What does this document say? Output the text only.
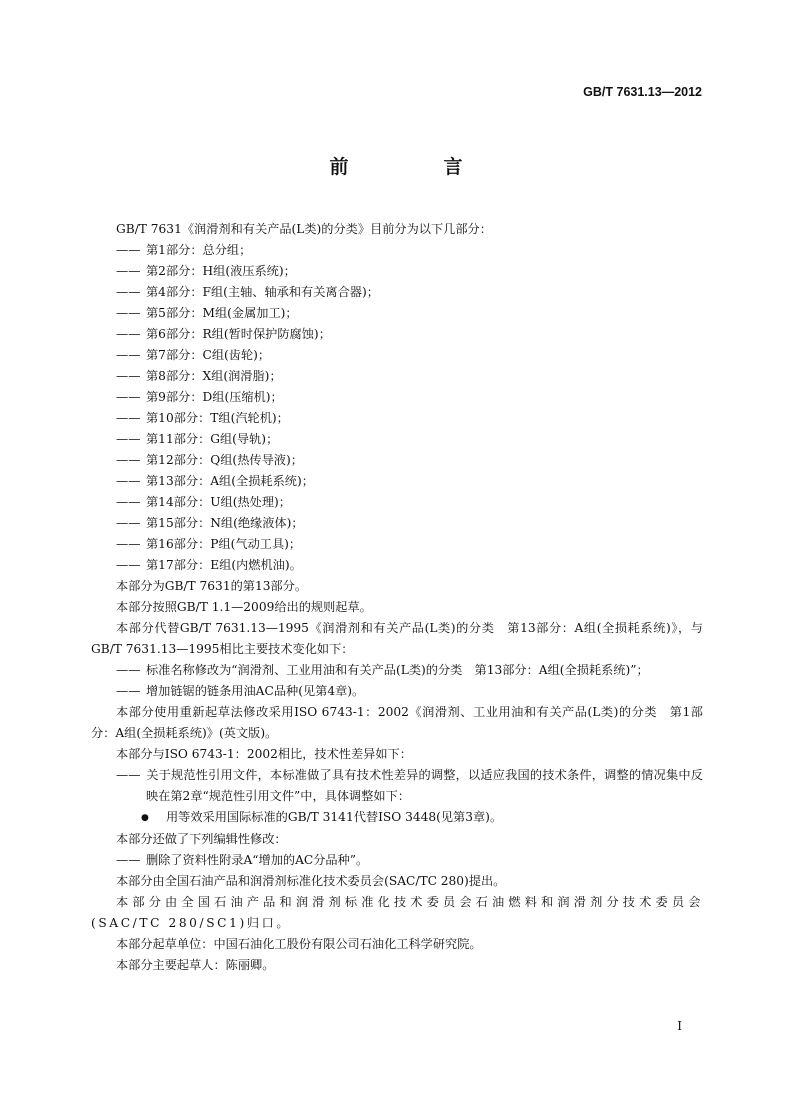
GB/T 7631.13—2012
前　言

GB/T 7631《润滑剂和有关产品(L类)的分类》目前分为以下几部分：

—— 第1部分：总分组；

—— 第2部分：H组(液压系统)；

—— 第4部分：F组(主轴、轴承和有关离合器)；

—— 第5部分：M组(金属加工)；

—— 第6部分：R组(暂时保护防腐蚀)；

—— 第7部分：C组(齿轮)；

—— 第8部分：X组(润滑脂)；

—— 第9部分：D组(压缩机)；

—— 第10部分：T组(汽轮机)；

—— 第11部分：G组(导轨)；

—— 第12部分：Q组(热传导液)；

—— 第13部分：A组(全损耗系统)；

—— 第14部分：U组(热处理)；

—— 第15部分：N组(绝缘液体)；

—— 第16部分：P组(气动工具)；

—— 第17部分：E组(内燃机油)。

本部分为GB/T 7631的第13部分。

本部分按照GB/T 1.1—2009给出的规则起草。

本部分代替GB/T 7631.13—1995《润滑剂和有关产品(L类)的分类　第13部分：A组(全损耗系统)》，与GB/T 7631.13—1995相比主要技术变化如下：

—— 标准名称修改为“润滑剂、工业用油和有关产品(L类)的分类　第13部分：A组(全损耗系统)”；

—— 增加链锯的链条用油AC品种(见第4章)。

本部分使用重新起草法修改采用ISO 6743-1：2002《润滑剂、工业用油和有关产品(L类)的分类　第1部分：A组(全损耗系统)》(英文版)。

本部分与ISO 6743-1：2002相比，技术性差异如下：

—— 关于规范性引用文件，本标准做了具有技术性差异的调整，以适应我国的技术条件，调整的情况集中反映在第2章“规范性引用文件”中，具体调整如下：

● 用等效采用国际标准的GB/T 3141代替ISO 3448(见第3章)。

本部分还做了下列编辑性修改：

—— 删除了资料性附录A“增加的AC分品种”。

本部分由全国石油产品和润滑剂标准化技术委员会(SAC/TC 280)提出。

本部分由全国石油产品和润滑剂标准化技术委员会石油燃料和润滑剂分技术委员会(SAC/TC 280/SC1)归口。

本部分起草单位：中国石油化工股份有限公司石油化工科学研究院。

本部分主要起草人：陈丽卿。

I
